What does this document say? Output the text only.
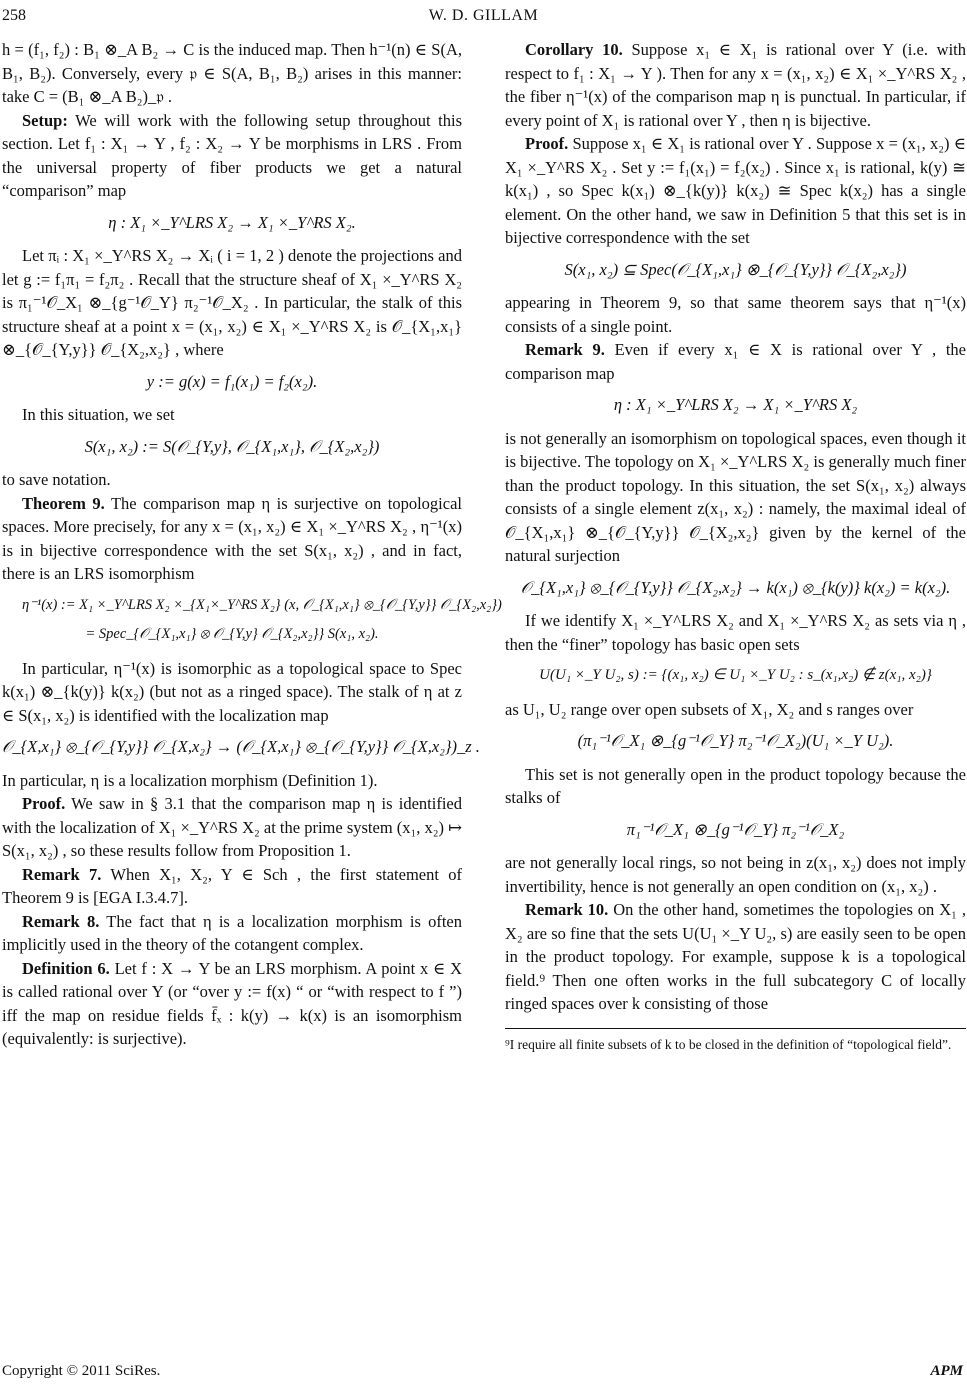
258	W. D. GILLAM

h = (f₁, f₂) : B₁ ⊗_A B₂ → C is the induced map. Then h⁻¹(n) ∈ S(A, B₁, B₂). Conversely, every 𝔭 ∈ S(A, B₁, B₂) arises in this manner: take C = (B₁ ⊗_A B₂)_𝔭 .

Setup: We will work with the following setup throughout this section. Let f₁ : X₁ → Y , f₂ : X₂ → Y be morphisms in LRS . From the universal property of fiber products we get a natural “comparison” map

η : X₁ ×_Y^LRS X₂ → X₁ ×_Y^RS X₂.

Let πᵢ : X₁ ×_Y^RS X₂ → Xᵢ ( i = 1, 2 ) denote the projections and let g := f₁π₁ = f₂π₂ . Recall that the structure sheaf of X₁ ×_Y^RS X₂ is π₁⁻¹𝒪_X₁ ⊗_{g⁻¹𝒪_Y} π₂⁻¹𝒪_X₂ . In particular, the stalk of this structure sheaf at a point x = (x₁, x₂) ∈ X₁ ×_Y^RS X₂ is 𝒪_{X₁,x₁} ⊗_{𝒪_{Y,y}} 𝒪_{X₂,x₂} , where

y := g(x) = f₁(x₁) = f₂(x₂).

In this situation, we set

S(x₁, x₂) := S(𝒪_{Y,y}, 𝒪_{X₁,x₁}, 𝒪_{X₂,x₂})

to save notation.

Theorem 9. The comparison map η is surjective on topological spaces. More precisely, for any x = (x₁, x₂) ∈ X₁ ×_Y^RS X₂ , η⁻¹(x) is in bijective correspondence with the set S(x₁, x₂) , and in fact, there is an LRS isomorphism

η⁻¹(x) := X₁ ×_Y^LRS X₂ ×_{X₁×_Y^RS X₂} (x, 𝒪_{X₁,x₁} ⊗_{𝒪_{Y,y}} 𝒪_{X₂,x₂})
= Spec_{𝒪_{X₁,x₁} ⊗ 𝒪_{Y,y} 𝒪_{X₂,x₂}} S(x₁, x₂).

In particular, η⁻¹(x) is isomorphic as a topological space to Spec k(x₁) ⊗_{k(y)} k(x₂) (but not as a ringed space). The stalk of η at z ∈ S(x₁, x₂) is identified with the localization map

𝒪_{X,x₁} ⊗_{𝒪_{Y,y}} 𝒪_{X,x₂} → (𝒪_{X,x₁} ⊗_{𝒪_{Y,y}} 𝒪_{X,x₂})_z .

In particular, η is a localization morphism (Definition 1).

Proof. We saw in § 3.1 that the comparison map η is identified with the localization of X₁ ×_Y^RS X₂ at the prime system (x₁, x₂) ↦ S(x₁, x₂) , so these results follow from Proposition 1.

Remark 7. When X₁, X₂, Y ∈ Sch , the first statement of Theorem 9 is [EGA I.3.4.7].

Remark 8. The fact that η is a localization morphism is often implicitly used in the theory of the cotangent complex.

Definition 6. Let f : X → Y be an LRS morphism. A point x ∈ X is called rational over Y (or “over y := f(x) “ or “with respect to f ”) iff the map on residue fields f̄ₓ : k(y) → k(x) is an isomorphism (equivalently: is surjective).

Corollary 10. Suppose x₁ ∈ X₁ is rational over Y (i.e. with respect to f₁ : X₁ → Y ). Then for any x = (x₁, x₂) ∈ X₁ ×_Y^RS X₂ , the fiber η⁻¹(x) of the comparison map η is punctual. In particular, if every point of X₁ is rational over Y , then η is bijective.

Proof. Suppose x₁ ∈ X₁ is rational over Y . Suppose x = (x₁, x₂) ∈ X₁ ×_Y^RS X₂ . Set y := f₁(x₁) = f₂(x₂) . Since x₁ is rational, k(y) ≅ k(x₁) , so Spec k(x₁) ⊗_{k(y)} k(x₂) ≅ Spec k(x₂) has a single element. On the other hand, we saw in Definition 5 that this set is in bijective correspondence with the set

S(x₁, x₂) ⊆ Spec(𝒪_{X₁,x₁} ⊗_{𝒪_{Y,y}} 𝒪_{X₂,x₂})

appearing in Theorem 9, so that same theorem says that η⁻¹(x) consists of a single point.

Remark 9. Even if every x₁ ∈ X is rational over Y , the comparison map

η : X₁ ×_Y^LRS X₂ → X₁ ×_Y^RS X₂

is not generally an isomorphism on topological spaces, even though it is bijective. The topology on X₁ ×_Y^LRS X₂ is generally much finer than the product topology. In this situation, the set S(x₁, x₂) always consists of a single element z(x₁, x₂) : namely, the maximal ideal of 𝒪_{X₁,x₁} ⊗_{𝒪_{Y,y}} 𝒪_{X₂,x₂} given by the kernel of the natural surjection

𝒪_{X₁,x₁} ⊗_{𝒪_{Y,y}} 𝒪_{X₂,x₂} → k(x₁) ⊗_{k(y)} k(x₂) = k(x₂).

If we identify X₁ ×_Y^LRS X₂ and X₁ ×_Y^RS X₂ as sets via η , then the “finer” topology has basic open sets

U(U₁ ×_Y U₂, s) := {(x₁, x₂) ∈ U₁ ×_Y U₂ : s_(x₁,x₂) ∉ z(x₁, x₂)}

as U₁, U₂ range over open subsets of X₁, X₂ and s ranges over

(π₁⁻¹𝒪_X₁ ⊗_{g⁻¹𝒪_Y} π₂⁻¹𝒪_X₂)(U₁ ×_Y U₂).

This set is not generally open in the product topology because the stalks of

π₁⁻¹𝒪_X₁ ⊗_{g⁻¹𝒪_Y} π₂⁻¹𝒪_X₂

are not generally local rings, so not being in z(x₁, x₂) does not imply invertibility, hence is not generally an open condition on (x₁, x₂) .

Remark 10. On the other hand, sometimes the topologies on X₁ , X₂ are so fine that the sets U(U₁ ×_Y U₂, s) are easily seen to be open in the product topology. For example, suppose k is a topological field.⁹ Then one often works in the full subcategory C of locally ringed spaces over k consisting of those

⁹I require all finite subsets of k to be closed in the definition of “topological field”.
Copyright © 2011 SciRes.	APM
